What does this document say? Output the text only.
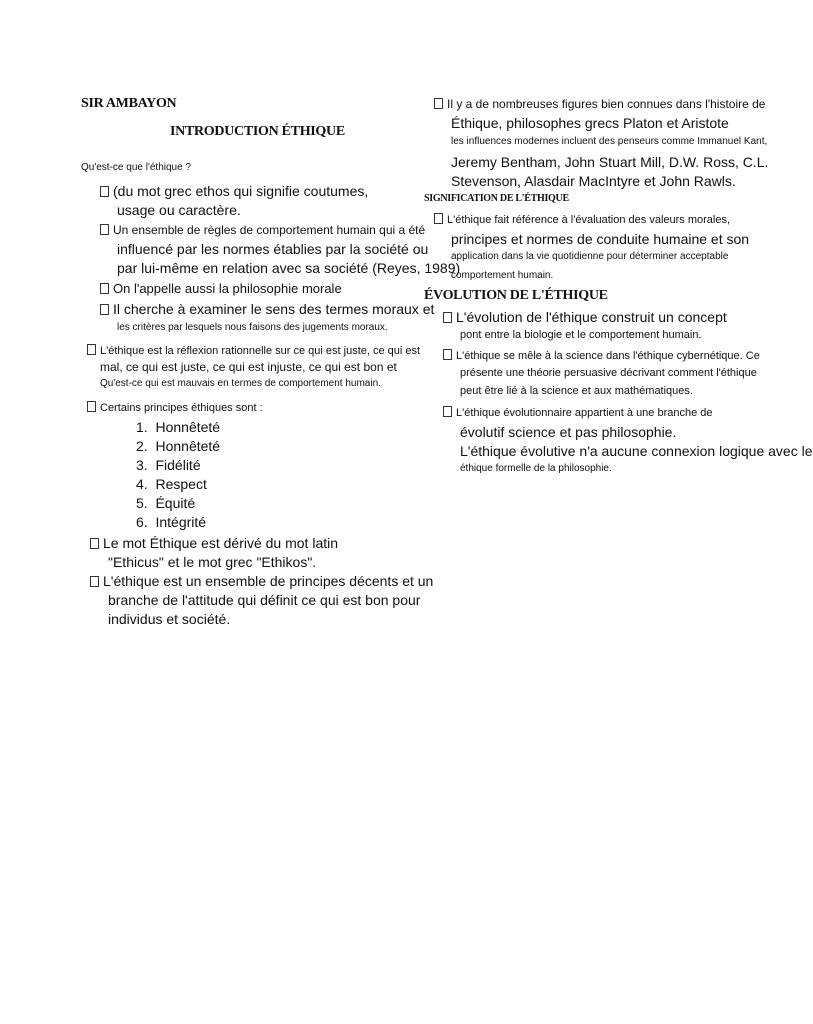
SIR AMBAYON
INTRODUCTION ÉTHIQUE
Qu'est-ce que l'éthique ?
(du mot grec ethos qui signifie coutumes,
usage ou caractère.
Un ensemble de règles de comportement humain qui a été
influencé par les normes établies par la société ou
par lui-même en relation avec sa société (Reyes, 1989)
On l'appelle aussi la philosophie morale
Il cherche à examiner le sens des termes moraux et
les critères par lesquels nous faisons des jugements moraux.
L'éthique est la réflexion rationnelle sur ce qui est juste, ce qui est
mal, ce qui est juste, ce qui est injuste, ce qui est bon et
Qu'est-ce qui est mauvais en termes de comportement humain.
Certains principes éthiques sont :
1.  Honnêteté
2.  Honnêteté
3.  Fidélité
4.  Respect
5.  Équité
6.  Intégrité
Le mot Éthique est dérivé du mot latin
"Ethicus" et le mot grec "Ethikos".
L'éthique est un ensemble de principes décents et un
branche de l'attitude qui définit ce qui est bon pour
individus et société.
Il y a de nombreuses figures bien connues dans l'histoire de
Éthique, philosophes grecs Platon et Aristote
les influences modernes incluent des penseurs comme Immanuel Kant,
Jeremy Bentham, John Stuart Mill, D.W. Ross, C.L.
Stevenson, Alasdair MacIntyre et John Rawls.
SIGNIFICATION DE L'ÉTHIQUE
L'éthique fait référence à l'évaluation des valeurs morales,
principes et normes de conduite humaine et son
application dans la vie quotidienne pour déterminer acceptable
comportement humain.
ÉVOLUTION DE L'ÉTHIQUE
L'évolution de l'éthique construit un concept
pont entre la biologie et le comportement humain.
L'éthique se mêle à la science dans l'éthique cybernétique. Ce
présente une théorie persuasive décrivant comment l'éthique
peut être lié à la science et aux mathématiques.
L'éthique évolutionnaire appartient à une branche de
évolutif science et pas philosophie.
L'éthique évolutive n'a aucune connexion logique avec le
éthique formelle de la philosophie.
